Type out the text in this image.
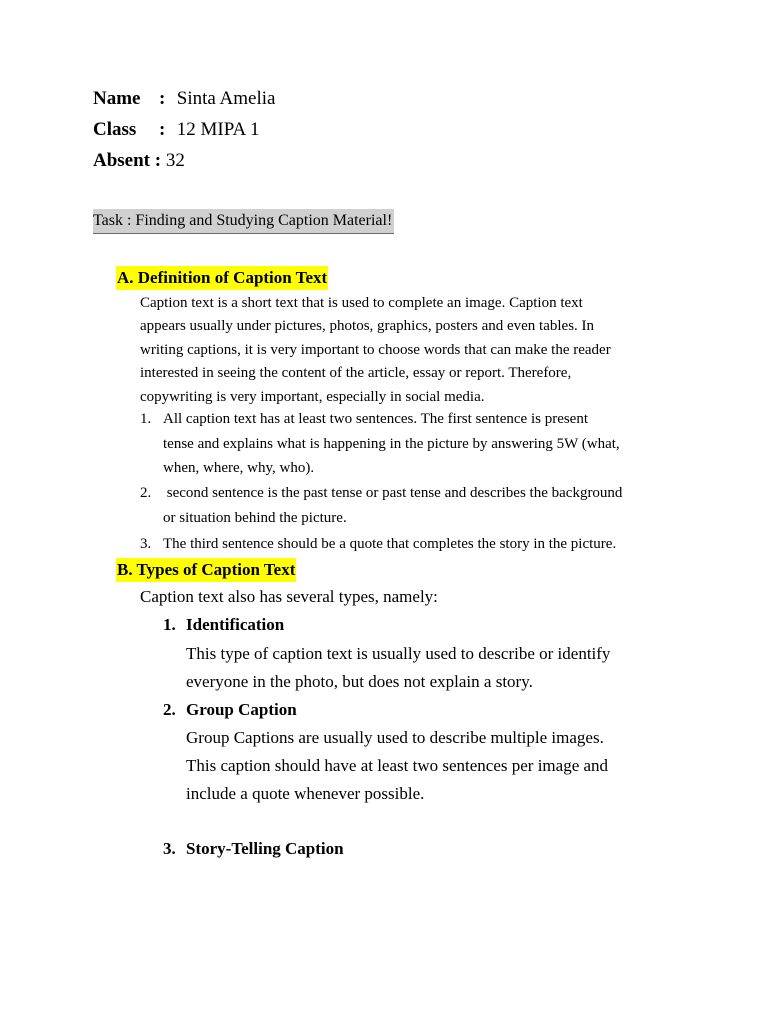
Name : Sinta Amelia
Class : 12 MIPA 1
Absent : 32
Task : Finding and Studying Caption Material!
A. Definition of Caption Text
Caption text is a short text that is used to complete an image. Caption text
appears usually under pictures, photos, graphics, posters and even tables. In
writing captions, it is very important to choose words that can make the reader
interested in seeing the content of the article, essay or report. Therefore,
copywriting is very important, especially in social media.
1. All caption text has at least two sentences. The first sentence is present
tense and explains what is happening in the picture by answering 5W (what,
when, where, why, who).
2. second sentence is the past tense or past tense and describes the background
or situation behind the picture.
3. The third sentence should be a quote that completes the story in the picture.
B. Types of Caption Text
Caption text also has several types, namely:
1. Identification
This type of caption text is usually used to describe or identify
everyone in the photo, but does not explain a story.
2. Group Caption
Group Captions are usually used to describe multiple images.
This caption should have at least two sentences per image and
include a quote whenever possible.
3. Story-Telling Caption
